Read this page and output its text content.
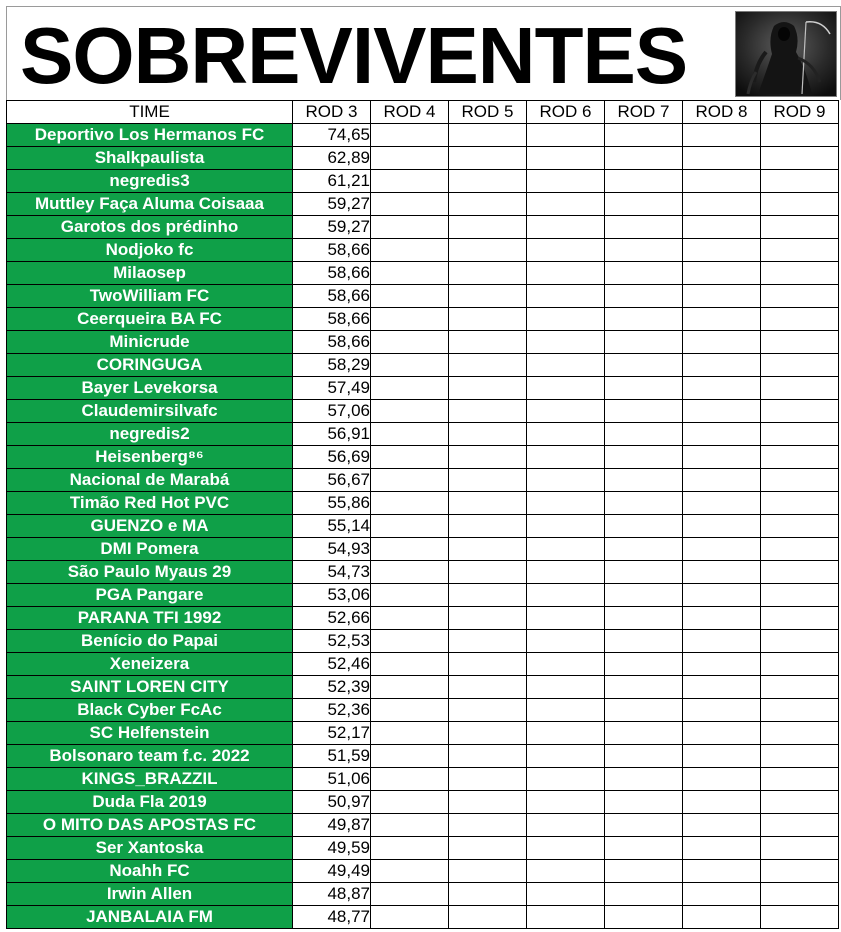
SOBREVIVENTES
TIME	ROD 3	ROD 4	ROD 5	ROD 6	ROD 7	ROD 8	ROD 9
Deportivo Los Hermanos FC	74,65						
Shalkpaulista	62,89						
negredis3	61,21						
Muttley Faça Aluma Coisaaa	59,27						
Garotos dos prédinho	59,27						
Nodjoko fc	58,66						
Milaosep	58,66						
TwoWilliam FC	58,66						
Ceerqueira BA FC	58,66						
Minicrude	58,66						
CORINGUGA	58,29						
Bayer Levekorsa	57,49						
Claudemirsilvafc	57,06						
negredis2	56,91						
Heisenberg⁸⁶	56,69						
Nacional de Marabá	56,67						
Timão Red Hot PVC	55,86						
GUENZO e MA	55,14						
DMI Pomera	54,93						
São Paulo Myaus 29	54,73						
PGA Pangare	53,06						
PARANA TFI 1992	52,66						
Benício do Papai	52,53						
Xeneizera	52,46						
SAINT LOREN CITY	52,39						
Black Cyber FcAc	52,36						
SC Helfenstein	52,17						
Bolsonaro team f.c. 2022	51,59						
KINGS_BRAZZIL	51,06						
Duda Fla 2019	50,97						
O MITO DAS APOSTAS FC	49,87						
Ser Xantoska	49,59						
Noahh FC	49,49						
Irwin Allen	48,87						
JANBALAIA FM	48,77						
